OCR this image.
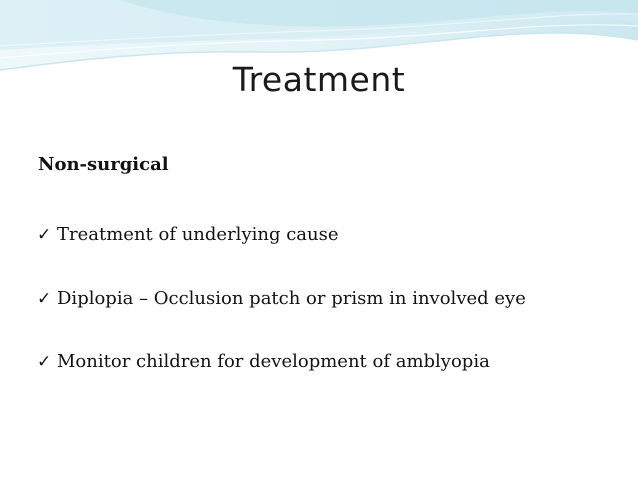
Treatment
Non-surgical
✓ Treatment of underlying cause
✓ Diplopia – Occlusion patch or prism in involved eye
✓ Monitor children for development of amblyopia
